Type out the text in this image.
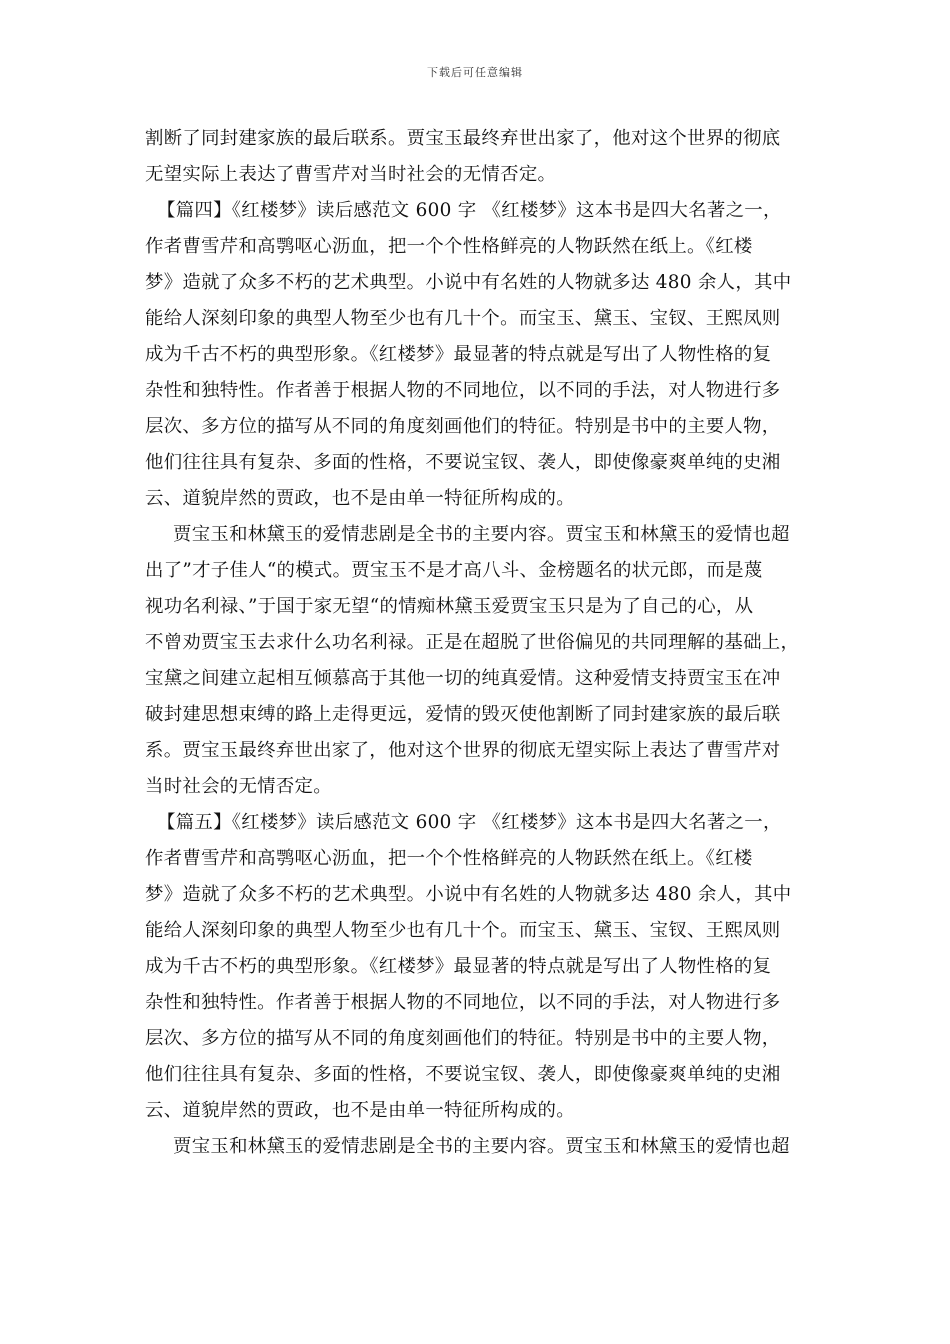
下载后可任意编辑
割断了同封建家族的最后联系。贾宝玉最终弃世出家了，他对这个世界的彻底
无望实际上表达了曹雪芹对当时社会的无情否定。
【篇四】《红楼梦》读后感范文 600 字 《红楼梦》这本书是四大名著之一，
作者曹雪芹和高鹗呕心沥血，把一个个性格鲜亮的人物跃然在纸上。《红楼
梦》造就了众多不朽的艺术典型。小说中有名姓的人物就多达 480 余人，其中
能给人深刻印象的典型人物至少也有几十个。而宝玉、黛玉、宝钗、王熙凤则
成为千古不朽的典型形象。《红楼梦》最显著的特点就是写出了人物性格的复
杂性和独特性。作者善于根据人物的不同地位，以不同的手法，对人物进行多
层次、多方位的描写从不同的角度刻画他们的特征。特别是书中的主要人物，
他们往往具有复杂、多面的性格，不要说宝钗、袭人，即使像豪爽单纯的史湘
云、道貌岸然的贾政，也不是由单一特征所构成的。
贾宝玉和林黛玉的爱情悲剧是全书的主要内容。贾宝玉和林黛玉的爱情也超
出了”才子佳人“的模式。贾宝玉不是才高八斗、金榜题名的状元郎，而是蔑
视功名利禄、”于国于家无望“的情痴林黛玉爱贾宝玉只是为了自己的心，从
不曾劝贾宝玉去求什么功名利禄。正是在超脱了世俗偏见的共同理解的基础上，
宝黛之间建立起相互倾慕高于其他一切的纯真爱情。这种爱情支持贾宝玉在冲
破封建思想束缚的路上走得更远，爱情的毁灭使他割断了同封建家族的最后联
系。贾宝玉最终弃世出家了，他对这个世界的彻底无望实际上表达了曹雪芹对
当时社会的无情否定。
【篇五】《红楼梦》读后感范文 600 字 《红楼梦》这本书是四大名著之一，
作者曹雪芹和高鹗呕心沥血，把一个个性格鲜亮的人物跃然在纸上。《红楼
梦》造就了众多不朽的艺术典型。小说中有名姓的人物就多达 480 余人，其中
能给人深刻印象的典型人物至少也有几十个。而宝玉、黛玉、宝钗、王熙凤则
成为千古不朽的典型形象。《红楼梦》最显著的特点就是写出了人物性格的复
杂性和独特性。作者善于根据人物的不同地位，以不同的手法，对人物进行多
层次、多方位的描写从不同的角度刻画他们的特征。特别是书中的主要人物，
他们往往具有复杂、多面的性格，不要说宝钗、袭人，即使像豪爽单纯的史湘
云、道貌岸然的贾政，也不是由单一特征所构成的。
贾宝玉和林黛玉的爱情悲剧是全书的主要内容。贾宝玉和林黛玉的爱情也超
